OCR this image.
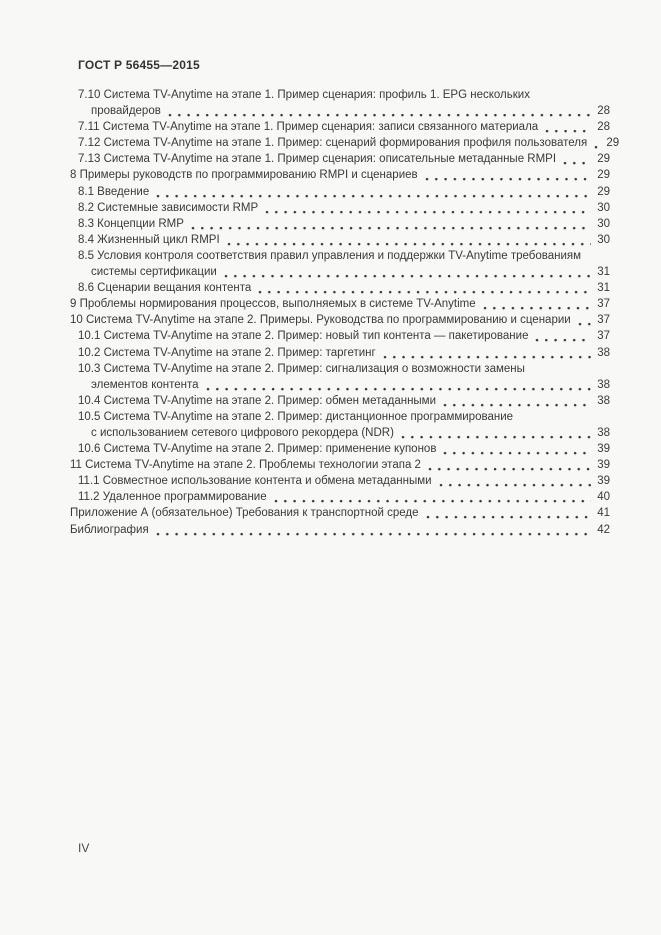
ГОСТ Р 56455—2015
7.10 Система TV-Anytime на этапе 1. Пример сценария: профиль 1. EPG нескольких
провайдеров	28
7.11 Система TV-Anytime на этапе 1. Пример сценария: записи связанного материала	28
7.12 Система TV-Anytime на этапе 1. Пример: сценарий формирования профиля пользователя 29
7.13 Система TV-Anytime на этапе 1. Пример сценария: описательные метаданные RMPI	29
8 Примеры руководств по программированию RMPI и сценариев	29
8.1 Введение	29
8.2 Системные зависимости RMP	30
8.3 Концепции RMP	30
8.4 Жизненный цикл RMPI	30
8.5 Условия контроля соответствия правил управления и поддержки TV-Anytime требованиям
системы сертификации	31
8.6 Сценарии вещания контента	31
9 Проблемы нормирования процессов, выполняемых в системе TV-Anytime	37
10 Система TV-Anytime на этапе 2. Примеры. Руководства по программированию и сценарии 37
10.1 Система TV-Anytime на этапе 2. Пример: новый тип контента — пакетирование	37
10.2 Система TV-Anytime на этапе 2. Пример: таргетинг	38
10.3 Система TV-Anytime на этапе 2. Пример: сигнализация о возможности замены
элементов контента	38
10.4 Система TV-Anytime на этапе 2. Пример: обмен метаданными	38
10.5 Система TV-Anytime на этапе 2. Пример: дистанционное программирование
с использованием сетевого цифрового рекордера (NDR)	38
10.6 Система TV-Anytime на этапе 2. Пример: применение купонов	39
11 Система TV-Anytime на этапе 2. Проблемы технологии этапа 2	39
11.1 Совместное использование контента и обмена метаданными	39
11.2 Удаленное программирование	40
Приложение А (обязательное) Требования к транспортной среде	41
Библиография	42
IV
